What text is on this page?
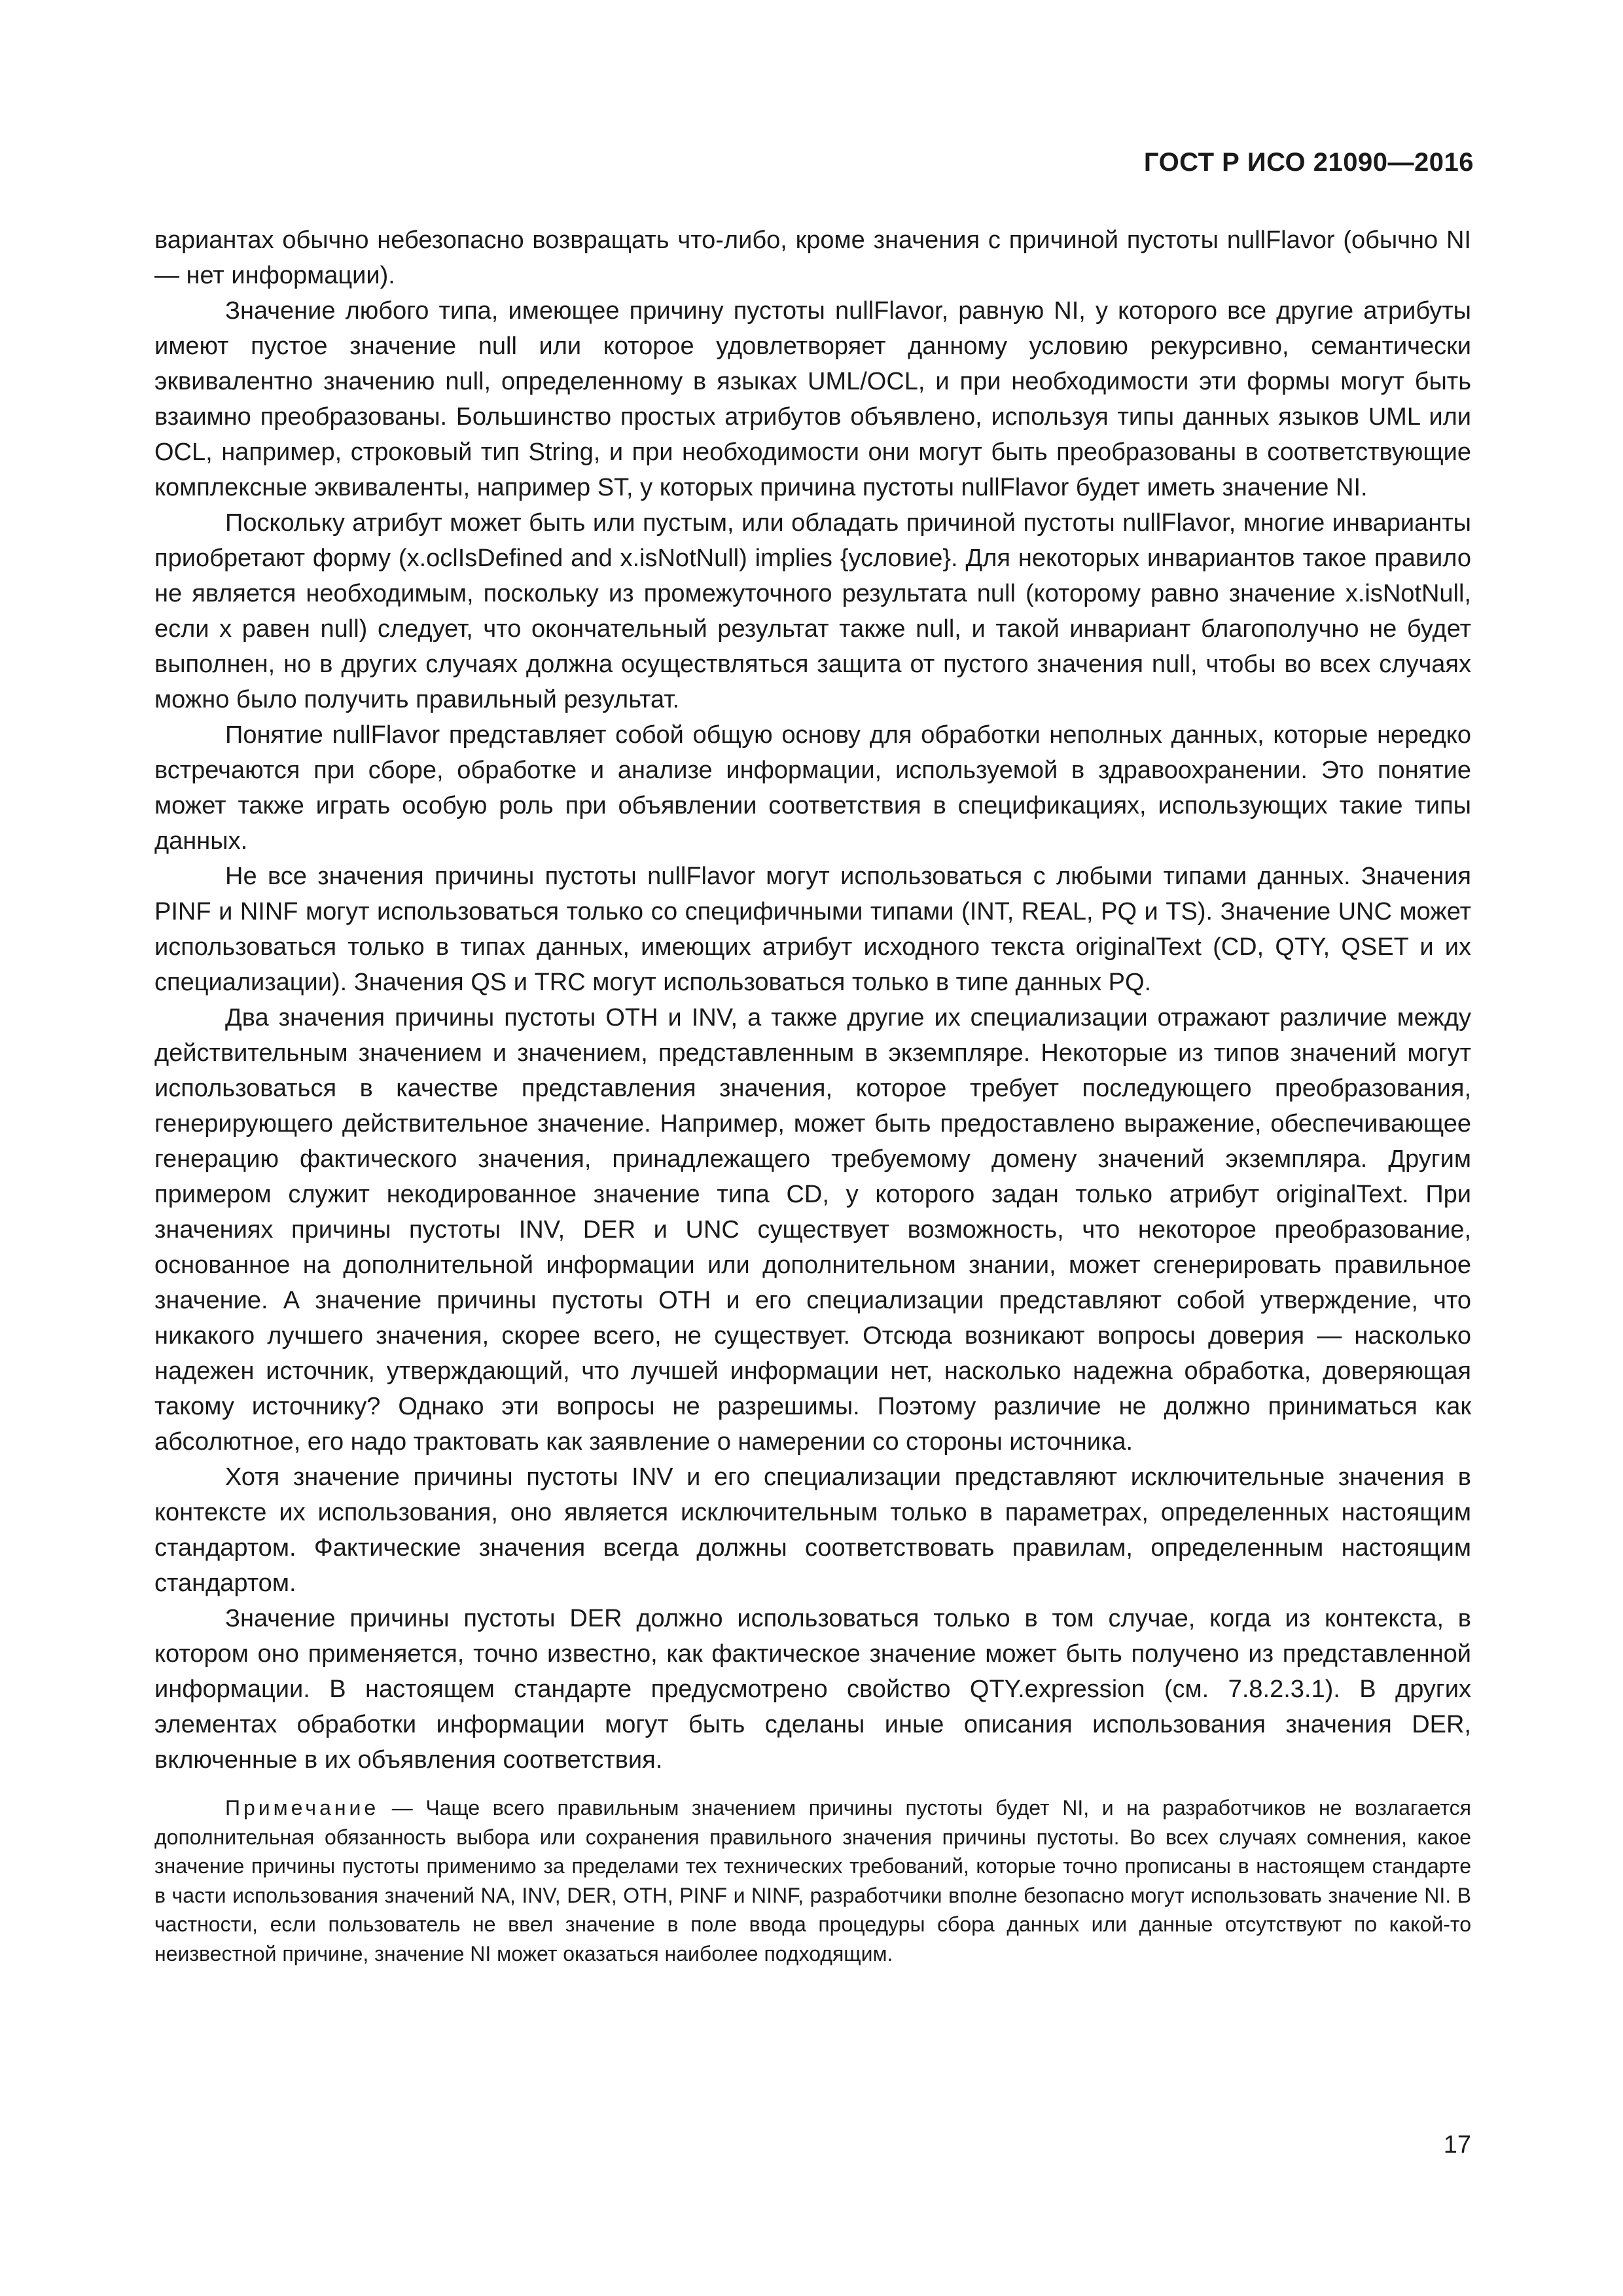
ГОСТ Р ИСО 21090—2016

вариантах обычно небезопасно возвращать что-либо, кроме значения с причиной пустоты nullFlavor (обычно NI — нет информации).

Значение любого типа, имеющее причину пустоты nullFlavor, равную NI, у которого все другие атрибуты имеют пустое значение null или которое удовлетворяет данному условию рекурсивно, семантически эквивалентно значению null, определенному в языках UML/OCL, и при необходимости эти формы могут быть взаимно преобразованы. Большинство простых атрибутов объявлено, используя типы данных языков UML или OCL, например, строковый тип String, и при необходимости они могут быть преобразованы в соответствующие комплексные эквиваленты, например ST, у которых причина пустоты nullFlavor будет иметь значение NI.

Поскольку атрибут может быть или пустым, или обладать причиной пустоты nullFlavor, многие инварианты приобретают форму (x.oclIsDefined and x.isNotNull) implies {условие}. Для некоторых инвариантов такое правило не является необходимым, поскольку из промежуточного результата null (которому равно значение x.isNotNull, если x равен null) следует, что окончательный результат также null, и такой инвариант благополучно не будет выполнен, но в других случаях должна осуществляться защита от пустого значения null, чтобы во всех случаях можно было получить правильный результат.

Понятие nullFlavor представляет собой общую основу для обработки неполных данных, которые нередко встречаются при сборе, обработке и анализе информации, используемой в здравоохранении. Это понятие может также играть особую роль при объявлении соответствия в спецификациях, использующих такие типы данных.

Не все значения причины пустоты nullFlavor могут использоваться с любыми типами данных. Значения PINF и NINF могут использоваться только со специфичными типами (INT, REAL, PQ и TS). Значение UNC может использоваться только в типах данных, имеющих атрибут исходного текста originalText (CD, QTY, QSET и их специализации). Значения QS и TRC могут использоваться только в типе данных PQ.

Два значения причины пустоты OTH и INV, а также другие их специализации отражают различие между действительным значением и значением, представленным в экземпляре. Некоторые из типов значений могут использоваться в качестве представления значения, которое требует последующего преобразования, генерирующего действительное значение. Например, может быть предоставлено выражение, обеспечивающее генерацию фактического значения, принадлежащего требуемому домену значений экземпляра. Другим примером служит некодированное значение типа CD, у которого задан только атрибут originalText. При значениях причины пустоты INV, DER и UNC существует возможность, что некоторое преобразование, основанное на дополнительной информации или дополнительном знании, может сгенерировать правильное значение. А значение причины пустоты OTH и его специализации представляют собой утверждение, что никакого лучшего значения, скорее всего, не существует. Отсюда возникают вопросы доверия — насколько надежен источник, утверждающий, что лучшей информации нет, насколько надежна обработка, доверяющая такому источнику? Однако эти вопросы не разрешимы. Поэтому различие не должно приниматься как абсолютное, его надо трактовать как заявление о намерении со стороны источника.

Хотя значение причины пустоты INV и его специализации представляют исключительные значения в контексте их использования, оно является исключительным только в параметрах, определенных настоящим стандартом. Фактические значения всегда должны соответствовать правилам, определенным настоящим стандартом.

Значение причины пустоты DER должно использоваться только в том случае, когда из контекста, в котором оно применяется, точно известно, как фактическое значение может быть получено из представленной информации. В настоящем стандарте предусмотрено свойство QTY.expression (см. 7.8.2.3.1). В других элементах обработки информации могут быть сделаны иные описания использования значения DER, включенные в их объявления соответствия.

Примечание — Чаще всего правильным значением причины пустоты будет NI, и на разработчиков не возлагается дополнительная обязанность выбора или сохранения правильного значения причины пустоты. Во всех случаях сомнения, какое значение причины пустоты применимо за пределами тех технических требований, которые точно прописаны в настоящем стандарте в части использования значений NA, INV, DER, OTH, PINF и NINF, разработчики вполне безопасно могут использовать значение NI. В частности, если пользователь не ввел значение в поле ввода процедуры сбора данных или данные отсутствуют по какой-то неизвестной причине, значение NI может оказаться наиболее подходящим.
17
